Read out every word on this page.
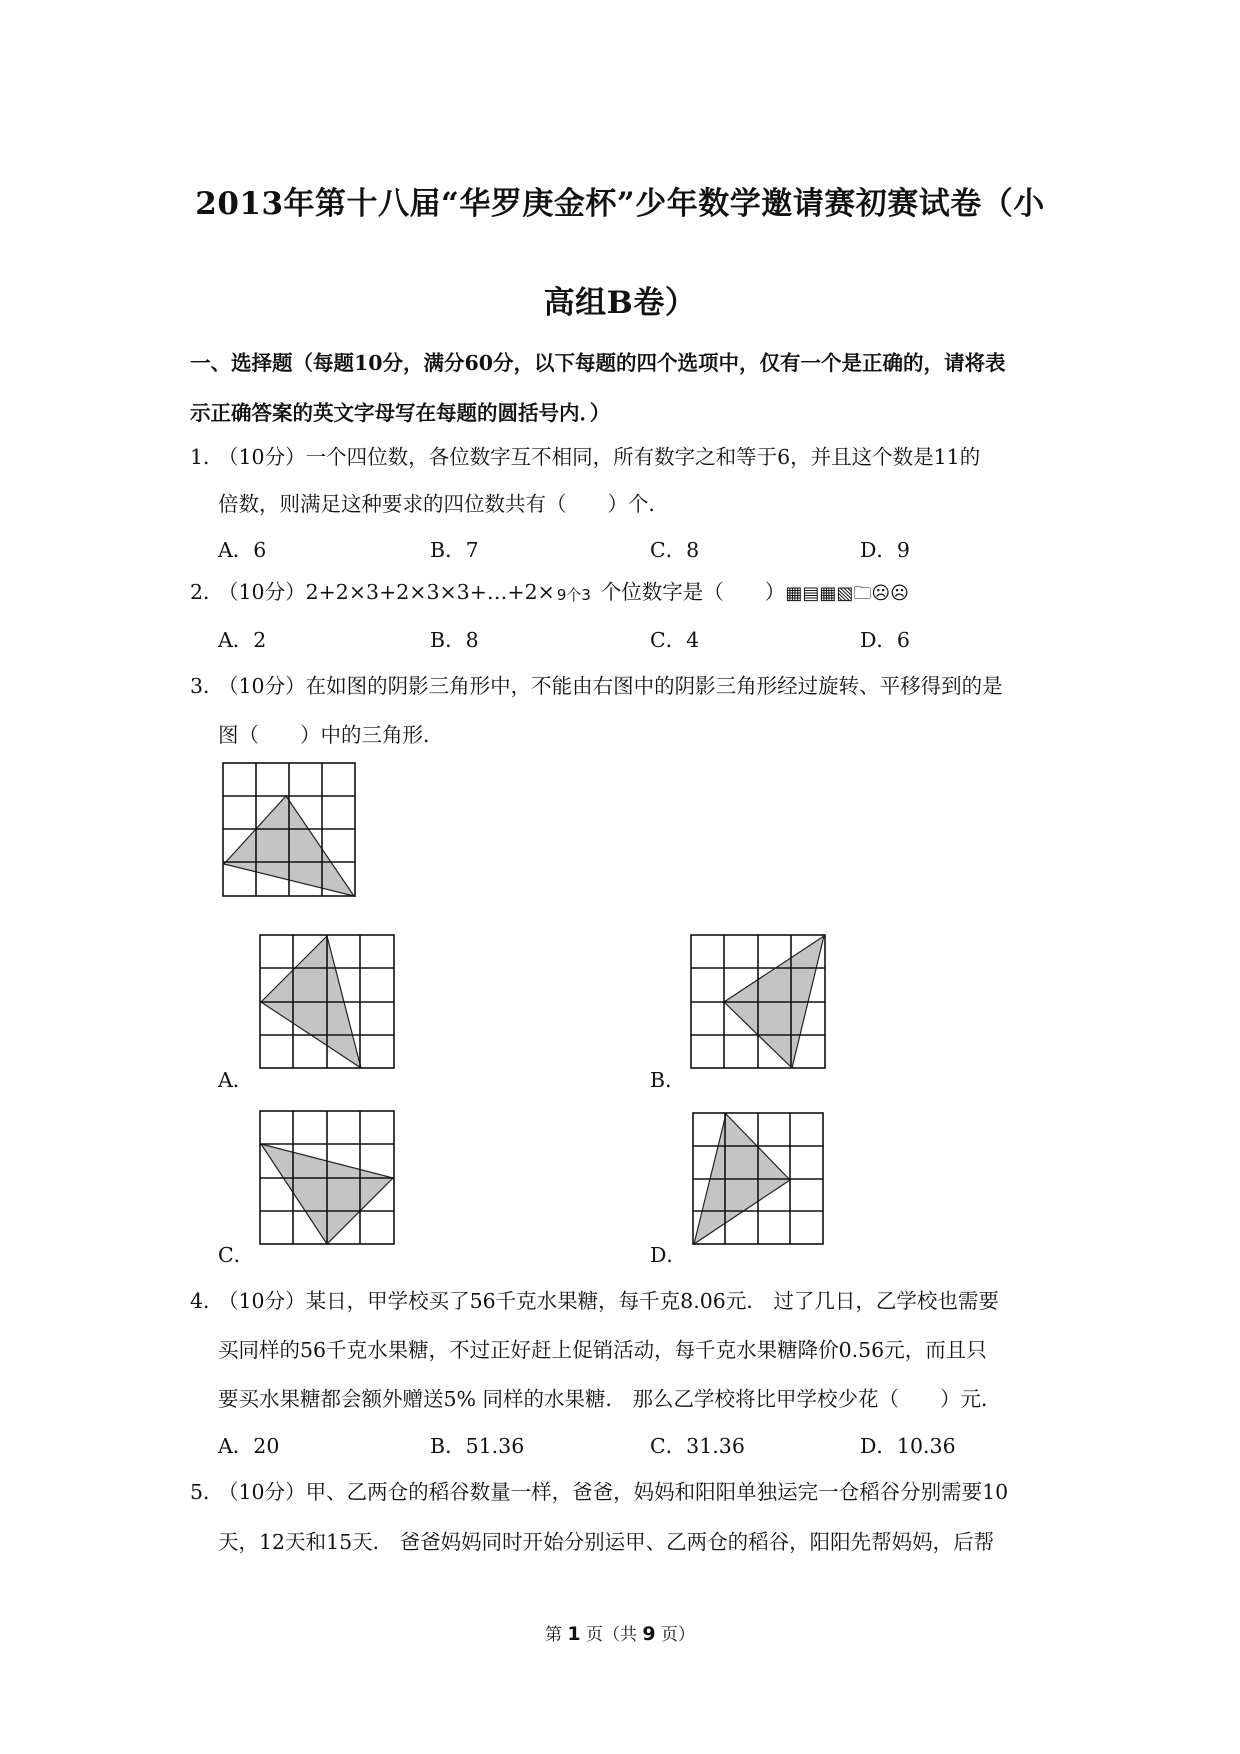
2013年第十八届“华罗庚金杯”少年数学邀请赛初赛试卷（小
高组B卷）
一、选择题（每题10分，满分60分，以下每题的四个选项中，仅有一个是正确的，请将表
示正确答案的英文字母写在每题的圆括号内．）
1．
（10分）一个四位数，各位数字互不相同，所有数字之和等于6，并且这个数是11的
倍数，则满足这种要求的四位数共有（　　）个．
A．6	B．7	C．8	D．9
2．
（10分）2+2×3+2×3×3+…+2× 9个3 个位数字是（　　）▦▤▦▧🗀☹☹
A．2	B．8	C．4	D．6
3．
（10分）在如图的阴影三角形中，不能由右图中的阴影三角形经过旋转、平移得到的是
图（　　）中的三角形．
A．	B．
C．	D．
4．
（10分）某日，甲学校买了56千克水果糖，每千克8.06元． 过了几日，乙学校也需要
买同样的56千克水果糖，不过正好赶上促销活动，每千克水果糖降价0.56元，而且只
要买水果糖都会额外赠送5% 同样的水果糖． 那么乙学校将比甲学校少花（　　）元．
A．20	B．51.36	C．31.36	D．10.36
5．
（10分）甲、乙两仓的稻谷数量一样，爸爸，妈妈和阳阳单独运完一仓稻谷分别需要10
天，12天和15天． 爸爸妈妈同时开始分别运甲、乙两仓的稻谷，阳阳先帮妈妈，后帮
第 1 页（共 9 页）
